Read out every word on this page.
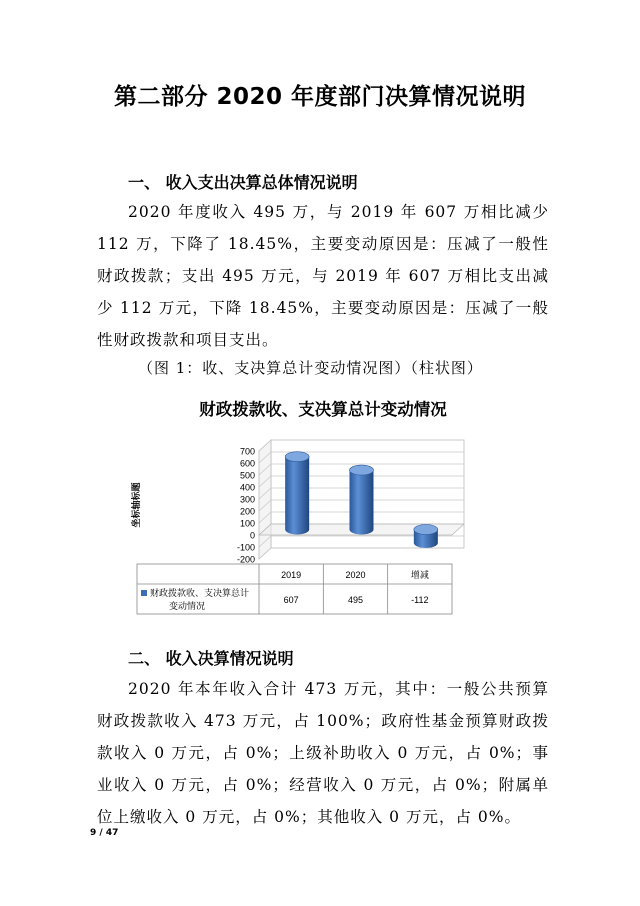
第二部分 2020 年度部门决算情况说明
一、 收入支出决算总体情况说明

2020 年度收入 495 万，与 2019 年 607 万相比减少 112 万，下降了 18.45%，主要变动原因是：压减了一般性财政拨款；支出 495 万元，与 2019 年 607 万相比支出减少 112 万元，下降 18.45%，主要变动原因是：压减了一般性财政拨款和项目支出。

（图 1：收、支决算总计变动情况图）（柱状图）
财政拨款收、支决算总计变动情况
700
600
500
400
300
200
100
0
-100
-200
坐标轴标题
2019
607
2020
495
增减
-112
财政拨款收、支决算总计
变动情况
二、 收入决算情况说明

2020 年本年收入合计 473 万元，其中：一般公共预算财政拨款收入 473 万元，占 100%；政府性基金预算财政拨款收入 0 万元，占 0%；上级补助收入 0 万元，占 0%；事业收入 0 万元，占 0%；经营收入 0 万元，占 0%；附属单位上缴收入 0 万元，占 0%；其他收入 0 万元，占 0%。

9 / 47
